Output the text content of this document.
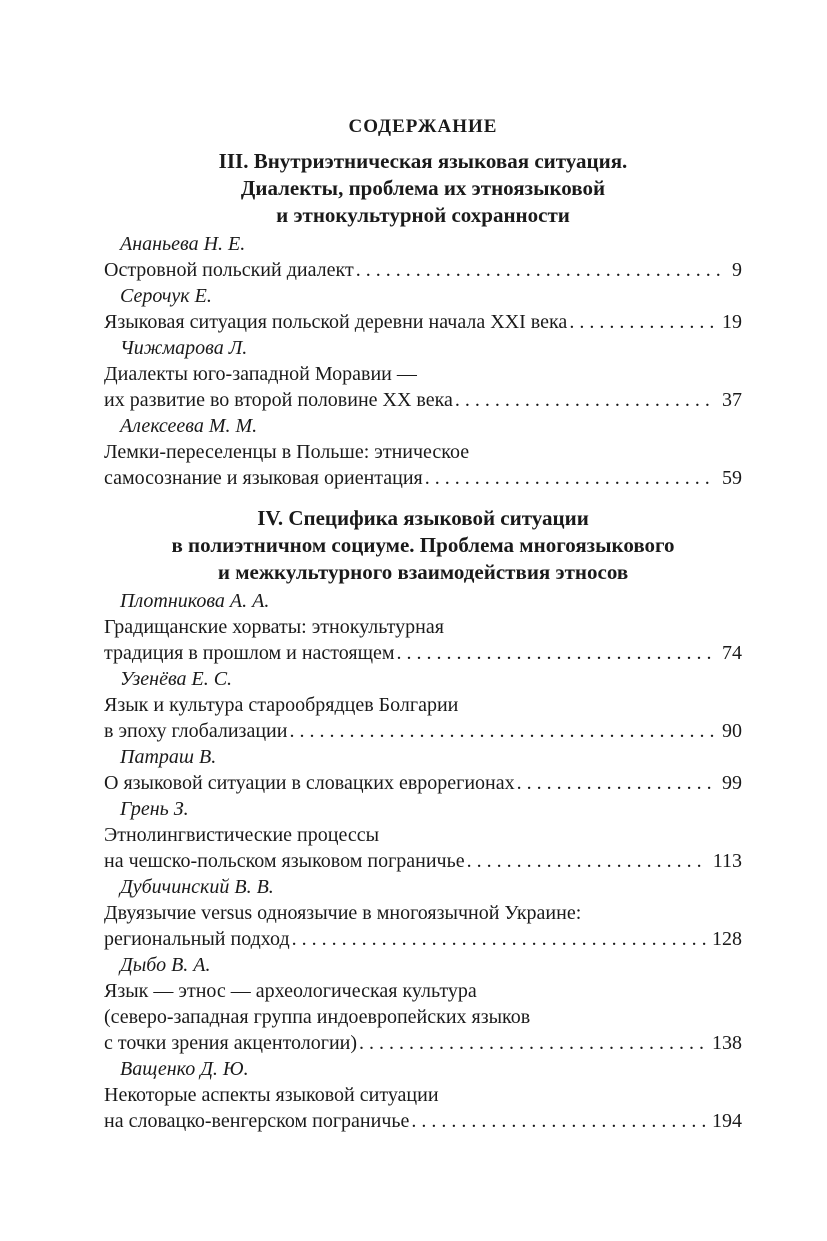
СОДЕРЖАНИЕ
III. Внутриэтническая языковая ситуация.
Диалекты, проблема их этноязыковой
и этнокультурной сохранности
Ананьева Н. Е.
Островной польский диалект . . .	9
Серочук Е.
Языковая ситуация польской деревни начала XXI века . . .	19
Чижмарова Л.
Диалекты юго-западной Моравии —
их развитие во второй половине XX века . . .	37
Алексеева М. М.
Лемки-переселенцы в Польше: этническое
самосознание и языковая ориентация . . .	59
IV. Специфика языковой ситуации
в полиэтничном социуме. Проблема многоязыкового
и межкультурного взаимодействия этносов
Плотникова А. А.
Градищанские хорваты: этнокультурная
традиция в прошлом и настоящем . . .	74
Узенёва Е. С.
Язык и культура старообрядцев Болгарии
в эпоху глобализации . . .	90
Патраш В.
О языковой ситуации в словацких еврорегионах . . .	99
Грень З.
Этнолингвистические процессы
на чешско-польском языковом пограничье . . .	113
Дубичинский В. В.
Двуязычие versus одноязычие в многоязычной Украине:
региональный подход . . .	128
Дыбо В. А.
Язык — этнос — археологическая культура
(северо-западная группа индоевропейских языков
с точки зрения акцентологии) . . .	138
Ващенко Д. Ю.
Некоторые аспекты языковой ситуации
на словацко-венгерском пограничье . . .	194
